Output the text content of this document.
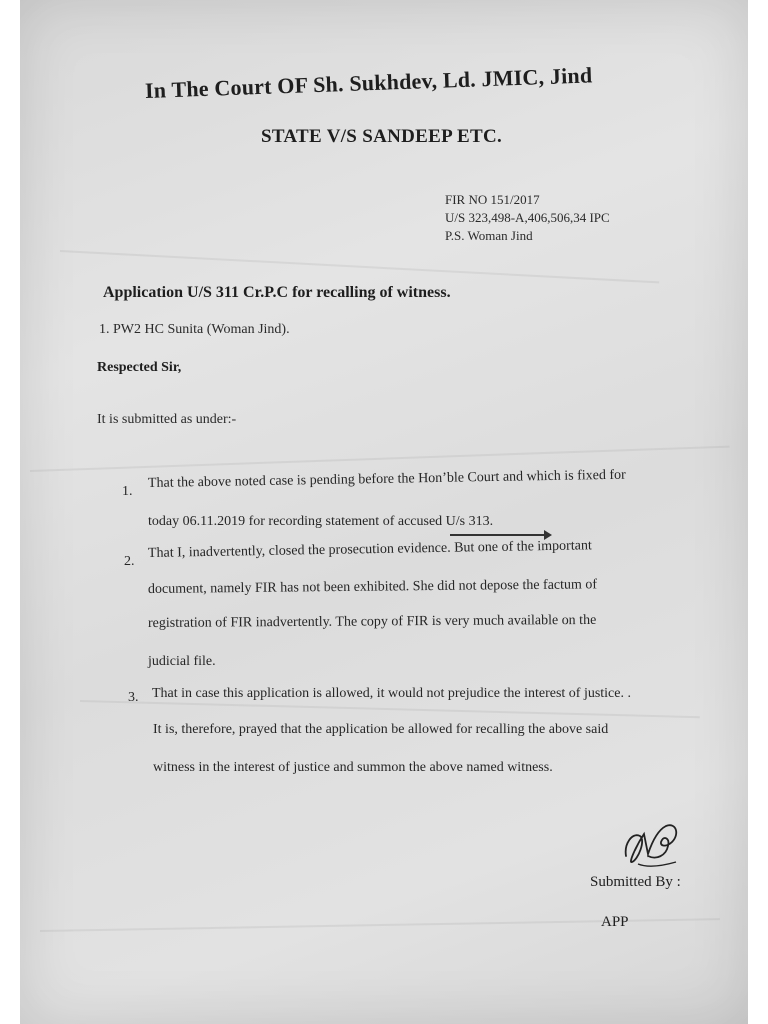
In The Court OF Sh. Sukhdev, Ld. JMIC, Jind
STATE V/S SANDEEP ETC.
FIR NO 151/2017
U/S 323,498-A,406,506,34 IPC
P.S. Woman Jind
Application U/S 311 Cr.P.C for recalling of witness.
1. PW2 HC Sunita (Woman Jind).
Respected Sir,
It is submitted as under:-
1.
That the above noted case is pending before the Hon’ble Court and which is fixed for
today 06.11.2019 for recording statement of accused U/s 313.
2.
That I, inadvertently, closed the prosecution evidence. But one of the important
document, namely FIR has not been exhibited. She did not depose the factum of
registration of FIR inadvertently. The copy of FIR is very much available on the
judicial file.
3. That in case this application is allowed, it would not prejudice the interest of justice. .
It is, therefore, prayed that the application be allowed for recalling the above said
witness in the interest of justice and summon the above named witness.
Submitted By :
APP
